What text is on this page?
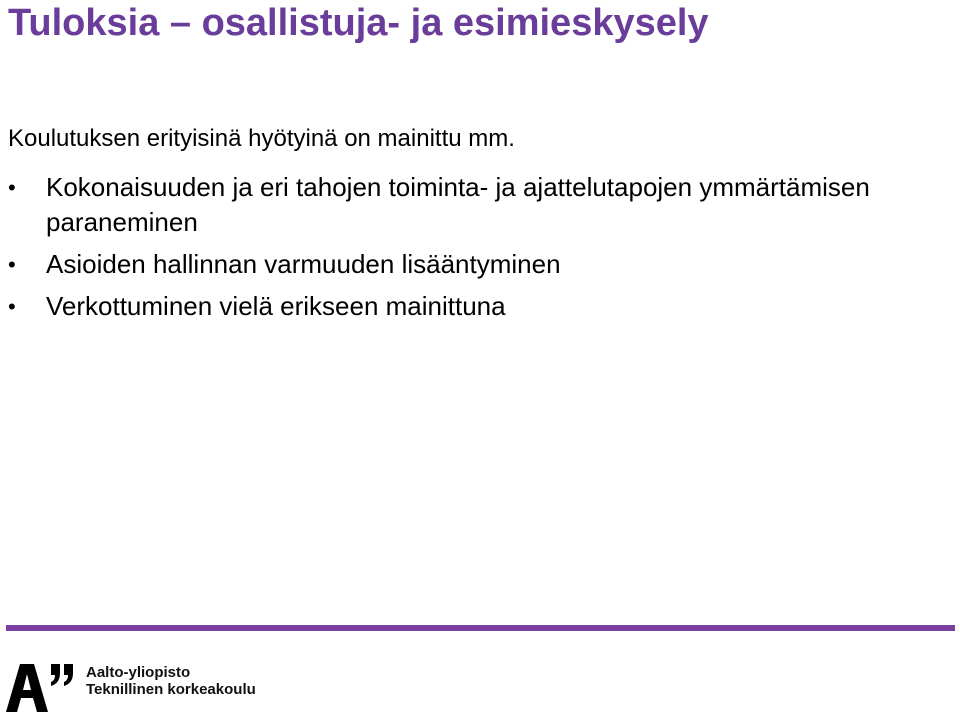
Tuloksia – osallistuja- ja esimieskysely

Koulutuksen erityisinä hyötyinä on mainittu mm.

• Kokonaisuuden ja eri tahojen toiminta- ja ajattelutapojen ymmärtämisen paraneminen
• Asioiden hallinnan varmuuden lisääntyminen
• Verkottuminen vielä erikseen mainittuna
Aalto-yliopisto
Teknillinen korkeakoulu
